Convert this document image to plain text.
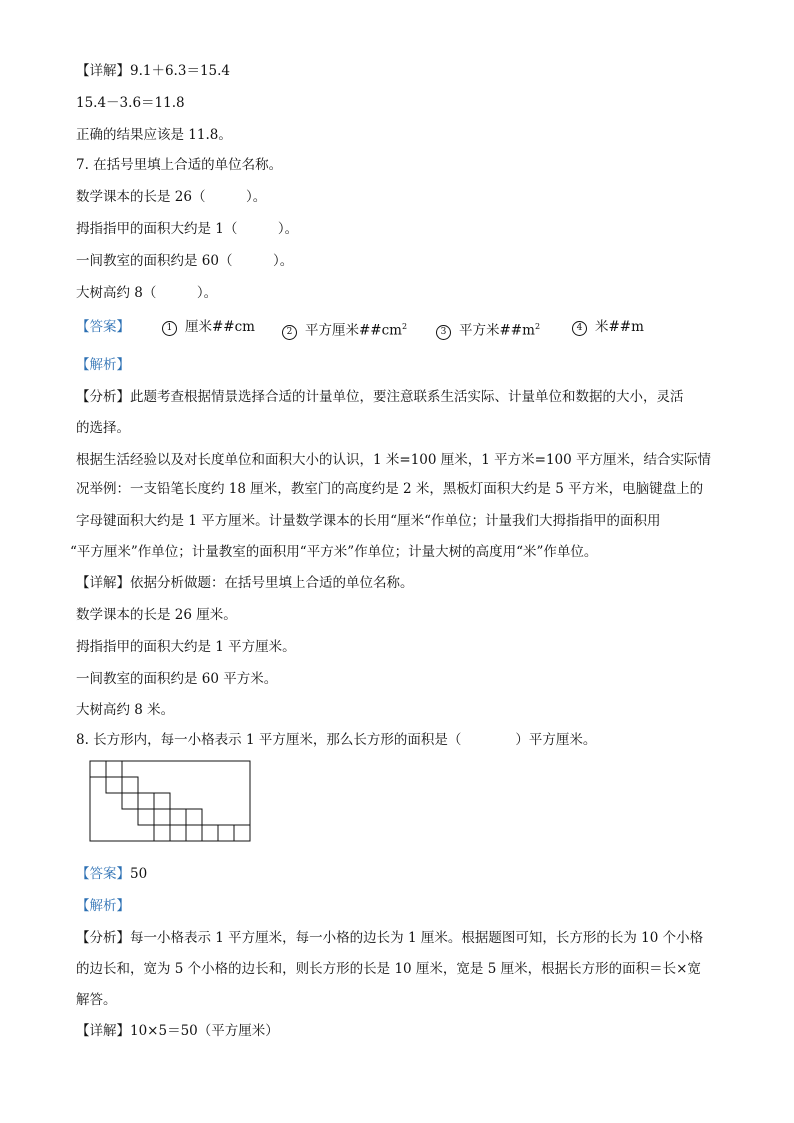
【详解】9.1＋6.3＝15.4
15.4－3.6＝11.8
正确的结果应该是 11.8。
7. 在括号里填上合适的单位名称。
数学课本的长是 26（　　　）。
拇指指甲的面积大约是 1（　　　）。
一间教室的面积约是 60（　　　）。
大树高约 8（　　　）。
【答案】	1 厘米##cm	2 平方厘米$\#\#cm^2$	3 平方米$\#\#m^2$	4 米##m
【解析】
【分析】此题考查根据情景选择合适的计量单位，要注意联系生活实际、计量单位和数据的大小，灵活
的选择。
根据生活经验以及对长度单位和面积大小的认识，1 米=100 厘米，1 平方米=100 平方厘米，结合实际情
况举例：一支铅笔长度约 18 厘米，教室门的高度约是 2 米，黑板灯面积大约是 5 平方米，电脑键盘上的
字母键面积大约是 1 平方厘米。计量数学课本的长用“厘米“作单位；计量我们大拇指指甲的面积用
“平方厘米”作单位；计量教室的面积用“平方米”作单位；计量大树的高度用“米”作单位。
【详解】依据分析做题：在括号里填上合适的单位名称。
数学课本的长是 26 厘米。
拇指指甲的面积大约是 1 平方厘米。
一间教室的面积约是 60 平方米。
大树高约 8 米。
8. 长方形内，每一小格表示 1 平方厘米，那么长方形的面积是（　　　　）平方厘米。
【答案】50
【解析】
【分析】每一小格表示 1 平方厘米，每一小格的边长为 1 厘米。根据题图可知，长方形的长为 10 个小格
的边长和，宽为 5 个小格的边长和，则长方形的长是 10 厘米，宽是 5 厘米，根据长方形的面积＝长×宽
解答。
【详解】10×5＝50（平方厘米）
